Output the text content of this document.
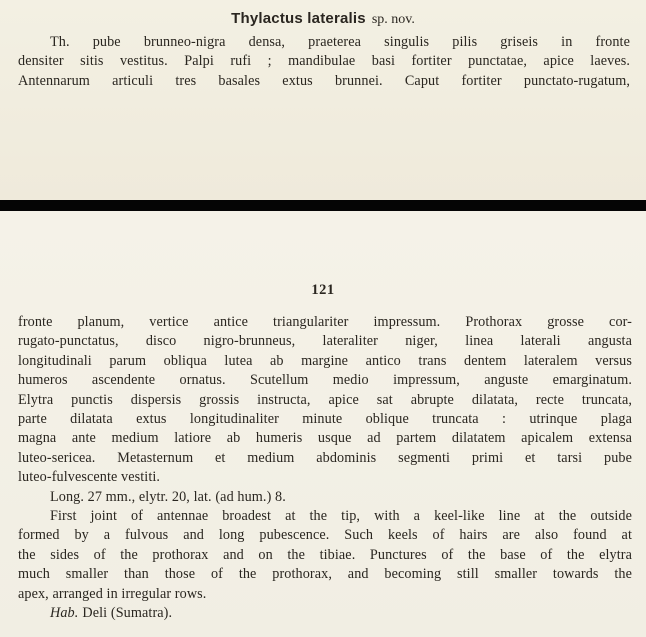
Thylactus lateralis sp. nov.
Th. pube brunneo-nigra densa, praeterea singulis pilis griseis in fronte
densiter sitis vestitus. Palpi rufi ; mandibulae basi fortiter punctatae, apice laeves.
Antennarum articuli tres basales extus brunnei. Caput fortiter punctato-rugatum,
121
fronte planum, vertice antice triangulariter impressum. Prothorax grosse cor-
rugato-punctatus, disco nigro-brunneus, lateraliter niger, linea laterali angusta
longitudinali parum obliqua lutea ab margine antico trans dentem lateralem versus
humeros ascendente ornatus. Scutellum medio impressum, anguste emarginatum.
Elytra punctis dispersis grossis instructa, apice sat abrupte dilatata, recte truncata,
parte dilatata extus longitudinaliter minute oblique truncata : utrinque plaga
magna ante medium latiore ab humeris usque ad partem dilatatem apicalem extensa
luteo-sericea. Metasternum et medium abdominis segmenti primi et tarsi pube
luteo-fulvescente vestiti.
Long. 27 mm., elytr. 20, lat. (ad hum.) 8.
First joint of antennae broadest at the tip, with a keel-like line at the outside
formed by a fulvous and long pubescence. Such keels of hairs are also found at
the sides of the prothorax and on the tibiae. Punctures of the base of the elytra
much smaller than those of the prothorax, and becoming still smaller towards the
apex, arranged in irregular rows.
Hab. Deli (Sumatra).
